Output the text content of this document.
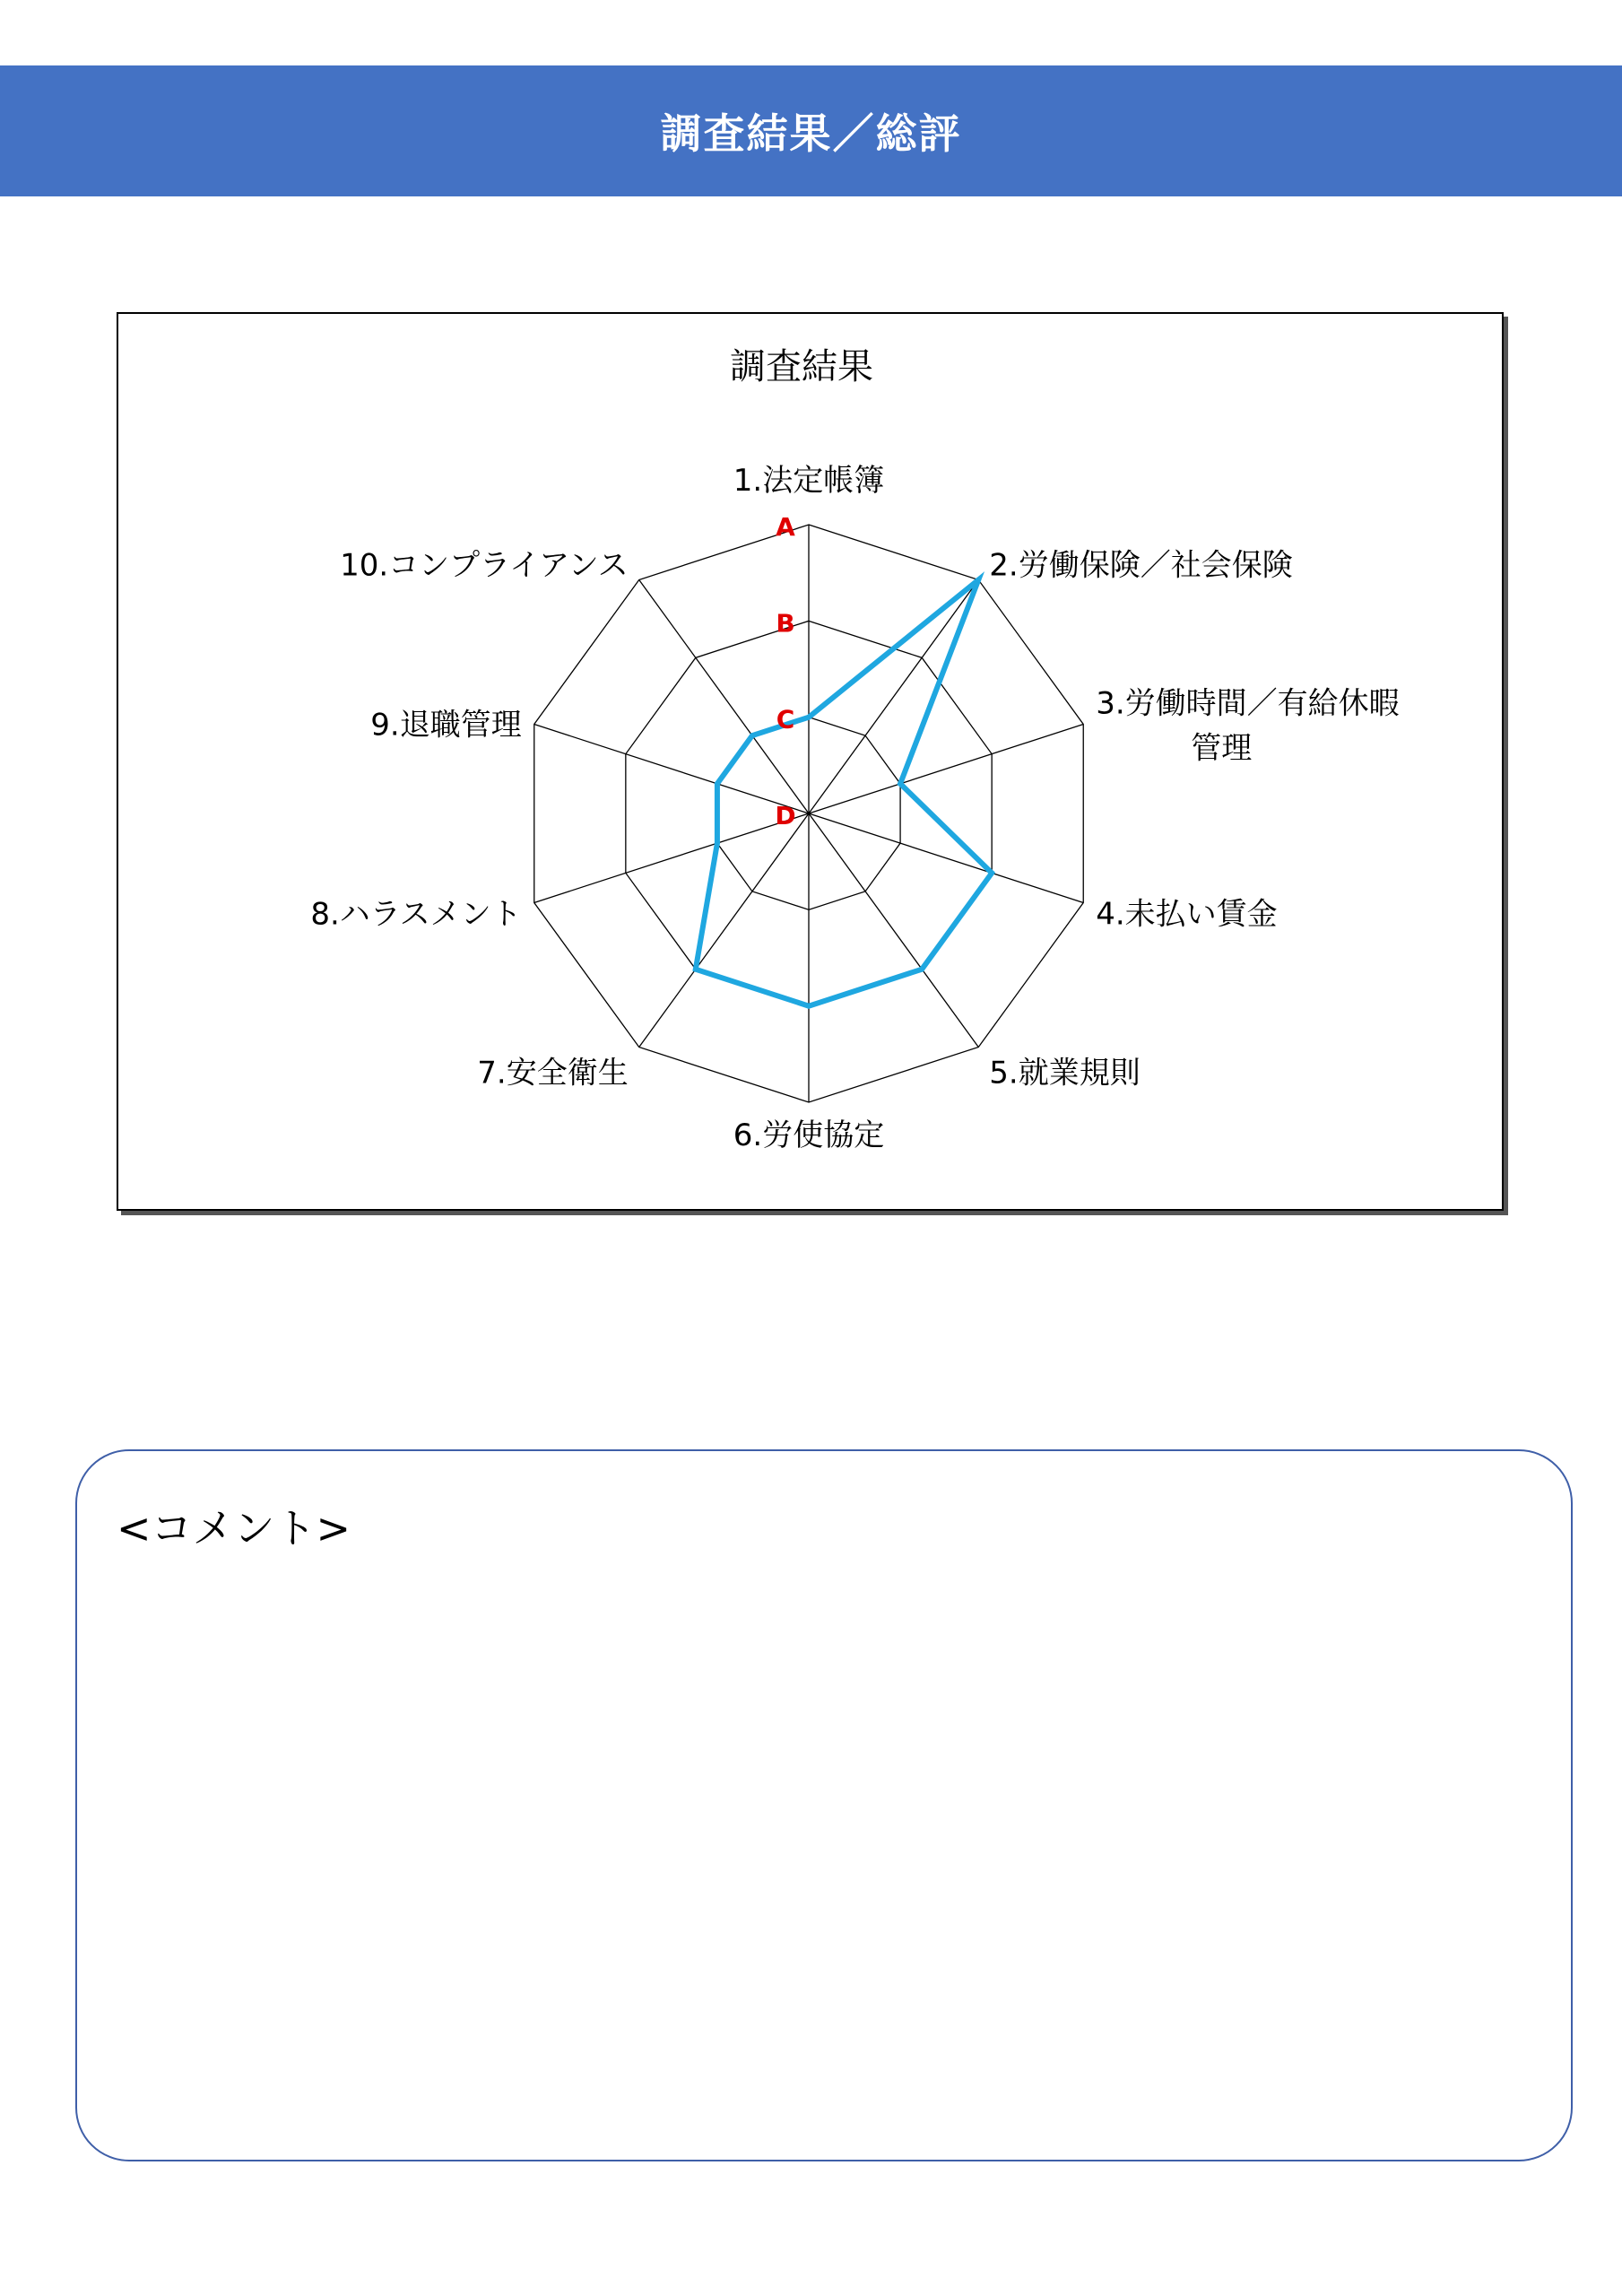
調査結果／総評
調査結果
D
C
B
A
1.法定帳簿
2.労働保険／社会保険
3.労働時間／有給休暇管理
4.未払い賃金
5.就業規則
6.労使協定
7.安全衛生
8.ハラスメント
9.退職管理
10.コンプライアンス
<コメント>
